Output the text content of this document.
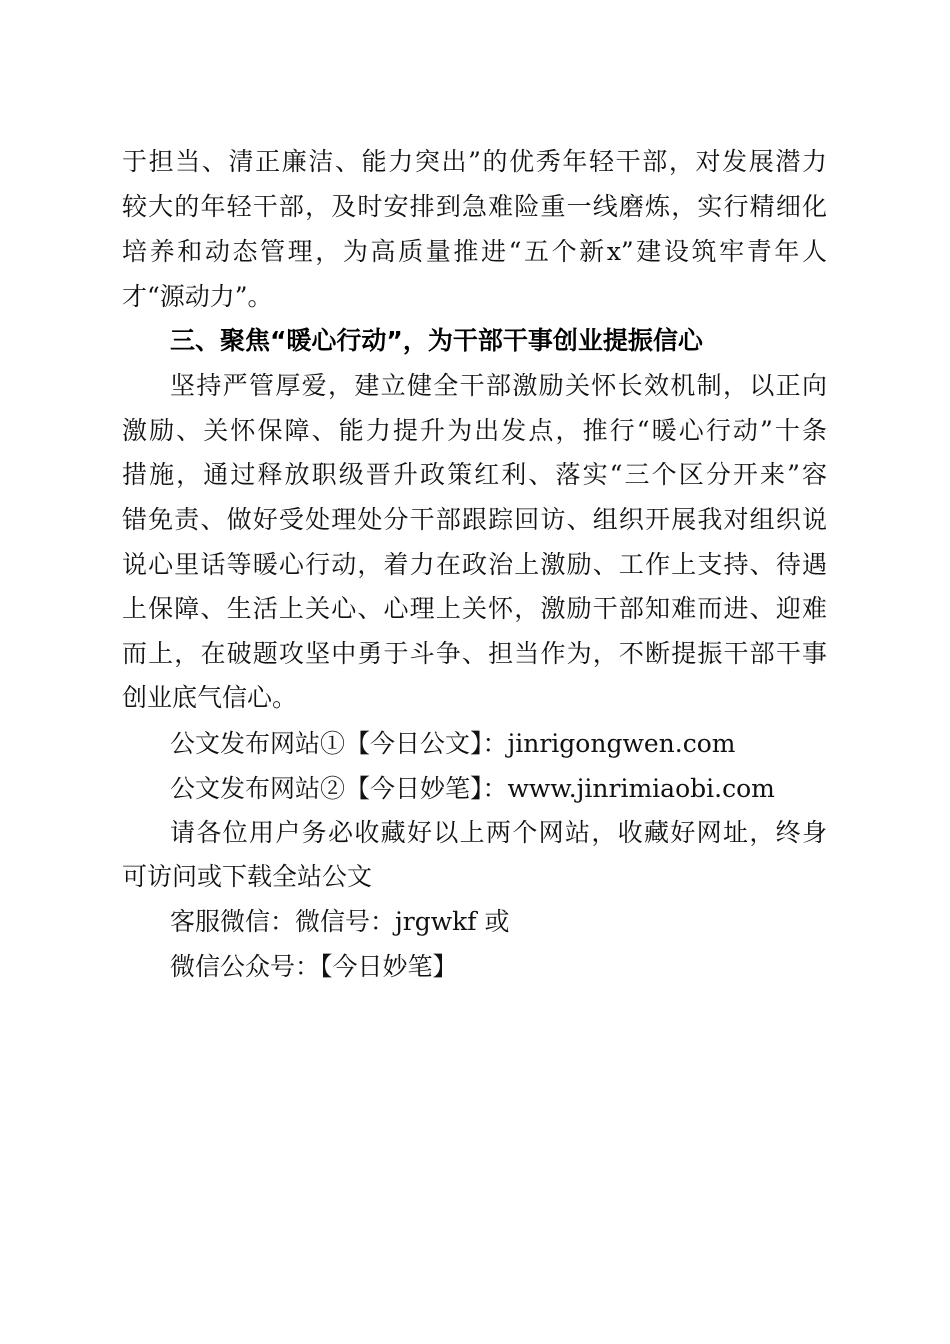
于担当、清正廉洁、能力突出”的优秀年轻干部，对发展潜力
较大的年轻干部，及时安排到急难险重一线磨炼，实行精细化
培养和动态管理，为高质量推进“五个新x”建设筑牢青年人
才“源动力”。
三、聚焦“暖心行动”，为干部干事创业提振信心
坚持严管厚爱，建立健全干部激励关怀长效机制，以正向
激励、关怀保障、能力提升为出发点，推行“暖心行动”十条
措施，通过释放职级晋升政策红利、落实“三个区分开来”容
错免责、做好受处理处分干部跟踪回访、组织开展我对组织说
说心里话等暖心行动，着力在政治上激励、工作上支持、待遇
上保障、生活上关心、心理上关怀，激励干部知难而进、迎难
而上，在破题攻坚中勇于斗争、担当作为，不断提振干部干事
创业底气信心。
公文发布网站①【今日公文】：jinrigongwen.com
公文发布网站②【今日妙笔】：www.jinrimiaobi.com
请各位用户务必收藏好以上两个网站，收藏好网址，终身
可访问或下载全站公文
客服微信：微信号：jrgwkf 或
微信公众号：【今日妙笔】
